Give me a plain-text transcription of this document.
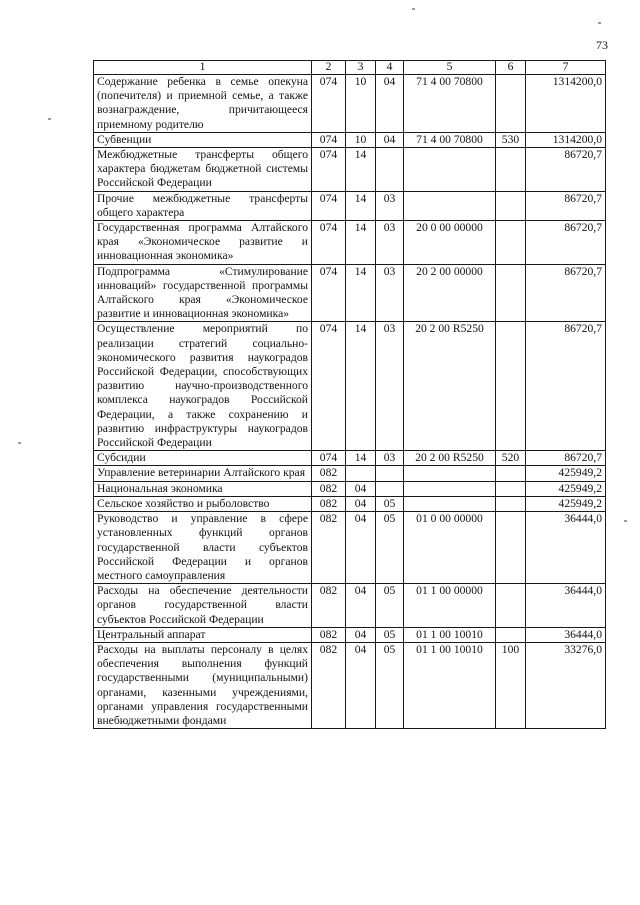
73
1	2	3	4	5	6	7
Содержание ребенка в семье опекуна (попечителя) и приемной семье, а также вознаграждение, причитающееся приемному родителю	074	10	04	71 4 00 70800		1314200,0
Субвенции	074	10	04	71 4 00 70800	530	1314200,0
Межбюджетные трансферты общего характера бюджетам бюджетной системы Российской Федерации	074	14				86720,7
Прочие межбюджетные трансферты общего характера	074	14	03			86720,7
Государственная программа Алтайского края «Экономическое развитие и инновационная экономика»	074	14	03	20 0 00 00000		86720,7
Подпрограмма «Стимулирование инноваций» государственной программы Алтайского края «Экономическое развитие и инновационная экономика»	074	14	03	20 2 00 00000		86720,7
Осуществление мероприятий по реализации стратегий социально-экономического развития наукоградов Российской Федерации, способствующих развитию научно-производственного комплекса наукоградов Российской Федерации, а также сохранению и развитию инфраструктуры наукоградов Российской Федерации	074	14	03	20 2 00 R5250		86720,7
Субсидии	074	14	03	20 2 00 R5250	520	86720,7
Управление ветеринарии Алтайского края	082					425949,2
Национальная экономика	082	04				425949,2
Сельское хозяйство и рыболовство	082	04	05			425949,2
Руководство и управление в сфере установленных функций органов государственной власти субъектов Российской Федерации и органов местного самоуправления	082	04	05	01 0 00 00000		36444,0
Расходы на обеспечение деятельности органов государственной власти субъектов Российской Федерации	082	04	05	01 1 00 00000		36444,0
Центральный аппарат	082	04	05	01 1 00 10010		36444,0
Расходы на выплаты персоналу в целях обеспечения выполнения функций государственными (муниципальными) органами, казенными учреждениями, органами управления государственными внебюджетными фондами	082	04	05	01 1 00 10010	100	33276,0
